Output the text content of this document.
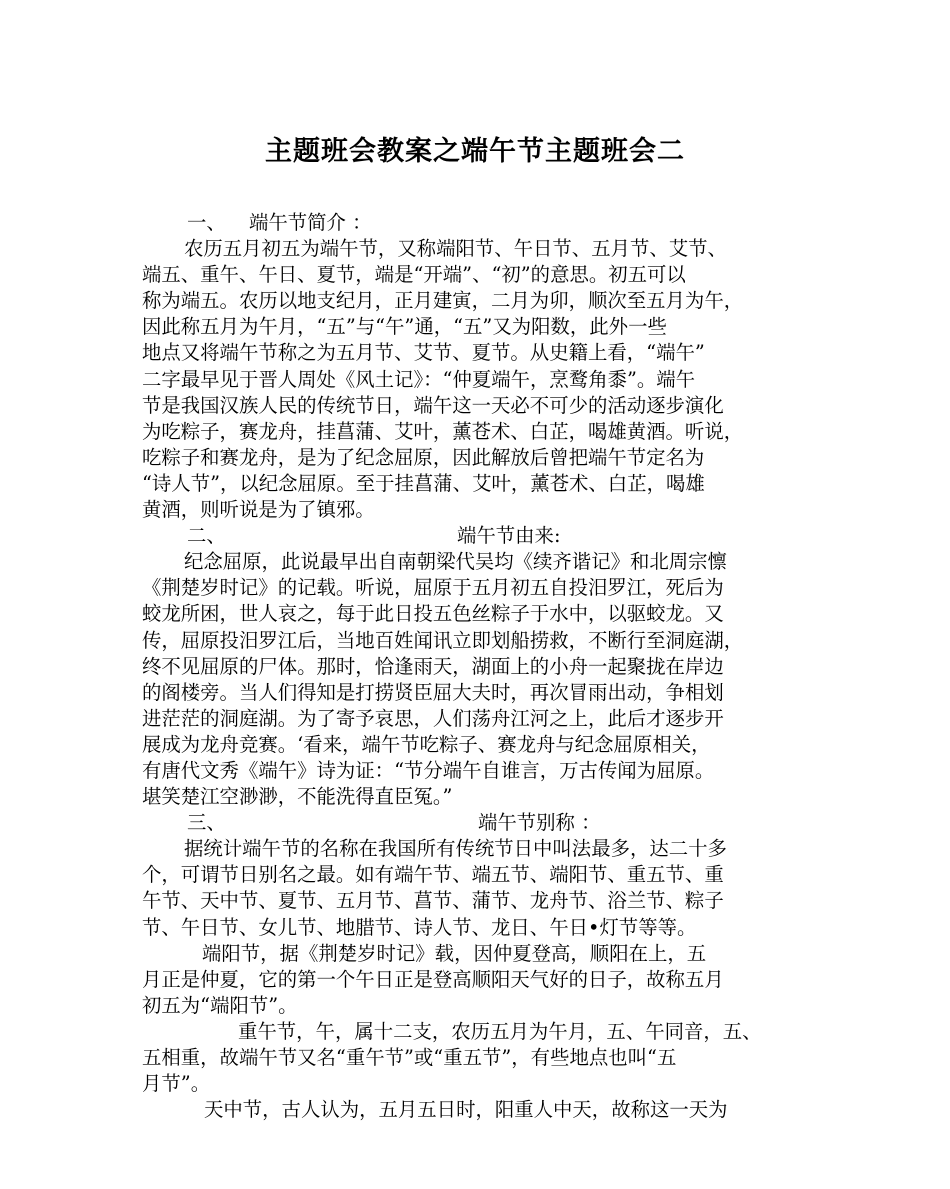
主题班会教案之端午节主题班会二
一、 端午节简介 ：
农历五月初五为端午节，又称端阳节、午日节、五月节、艾节、
端五、重午、午日、夏节，端是“开端”、“初”的意思。初五可以
称为端五。农历以地支纪月，正月建寅，二月为卯，顺次至五月为午，
因此称五月为午月，“五”与“午”通，“五”又为阳数，此外一些
地点又将端午节称之为五月节、艾节、夏节。从史籍上看，“端午”
二字最早见于晋人周处《风土记》：“仲夏端午，烹鹜角黍”。端午
节是我国汉族人民的传统节日，端午这一天必不可少的活动逐步演化
为吃粽子，赛龙舟，挂菖蒲、艾叶，薰苍术、白芷，喝雄黄酒。听说，
吃粽子和赛龙舟，是为了纪念屈原，因此解放后曾把端午节定名为
“诗人节”，以纪念屈原。至于挂菖蒲、艾叶，薰苍术、白芷，喝雄
黄酒，则听说是为了镇邪。
二、	端午节由来:
纪念屈原，此说最早出自南朝梁代吴均《续齐谐记》和北周宗懔
《荆楚岁时记》的记载。听说，屈原于五月初五自投汨罗江，死后为
蛟龙所困，世人哀之，每于此日投五色丝粽子于水中，以驱蛟龙。又
传，屈原投汨罗江后，当地百姓闻讯立即划船捞救，不断行至洞庭湖，
终不见屈原的尸体。那时，恰逢雨天，湖面上的小舟一起聚拢在岸边
的阁楼旁。当人们得知是打捞贤臣屈大夫时，再次冒雨出动，争相划
进茫茫的洞庭湖。为了寄予哀思，人们荡舟江河之上，此后才逐步开
展成为龙舟竞赛。‘看来，端午节吃粽子、赛龙舟与纪念屈原相关，
有唐代文秀《端午》诗为证：“节分端午自谁言，万古传闻为屈原。
堪笑楚江空渺渺，不能洗得直臣冤。”
三、	端午节别称 ：
据统计端午节的名称在我国所有传统节日中叫法最多，达二十多
个，可谓节日别名之最。如有端午节、端五节、端阳节、重五节、重
午节、天中节、夏节、五月节、菖节、蒲节、龙舟节、浴兰节、粽子
节、午日节、女儿节、地腊节、诗人节、龙日、午日•灯节等等。
端阳节，据《荆楚岁时记》载，因仲夏登高，顺阳在上，五
月正是仲夏，它的第一个午日正是登高顺阳天气好的日子，故称五月
初五为“端阳节”。
重午节，午，属十二支，农历五月为午月，五、午同音，五、
五相重，故端午节又名“重午节”或“重五节”，有些地点也叫“五
月节”。
天中节，古人认为，五月五日时，阳重人中天，故称这一天为
